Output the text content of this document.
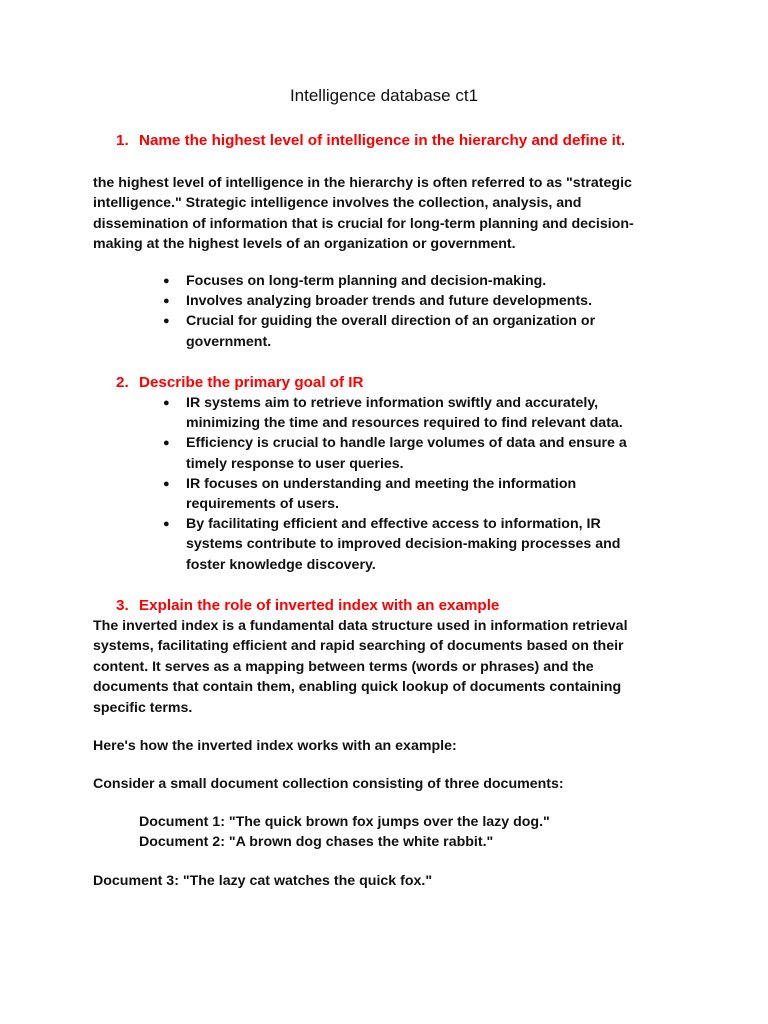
Intelligence database ct1
1. Name the highest level of intelligence in the hierarchy and define it.

the highest level of intelligence in the hierarchy is often referred to as "strategic intelligence." Strategic intelligence involves the collection, analysis, and dissemination of information that is crucial for long-term planning and decision-making at the highest levels of an organization or government.

● Focuses on long-term planning and decision-making.
● Involves analyzing broader trends and future developments.
● Crucial for guiding the overall direction of an organization or government.
2. Describe the primary goal of IR
● IR systems aim to retrieve information swiftly and accurately, minimizing the time and resources required to find relevant data.
● Efficiency is crucial to handle large volumes of data and ensure a timely response to user queries.
● IR focuses on understanding and meeting the information requirements of users.
● By facilitating efficient and effective access to information, IR systems contribute to improved decision-making processes and foster knowledge discovery.
3. Explain the role of inverted index with an example

The inverted index is a fundamental data structure used in information retrieval systems, facilitating efficient and rapid searching of documents based on their content. It serves as a mapping between terms (words or phrases) and the documents that contain them, enabling quick lookup of documents containing specific terms.

Here's how the inverted index works with an example:

Consider a small document collection consisting of three documents:

Document 1: "The quick brown fox jumps over the lazy dog."

Document 2: "A brown dog chases the white rabbit."

Document 3: "The lazy cat watches the quick fox."
